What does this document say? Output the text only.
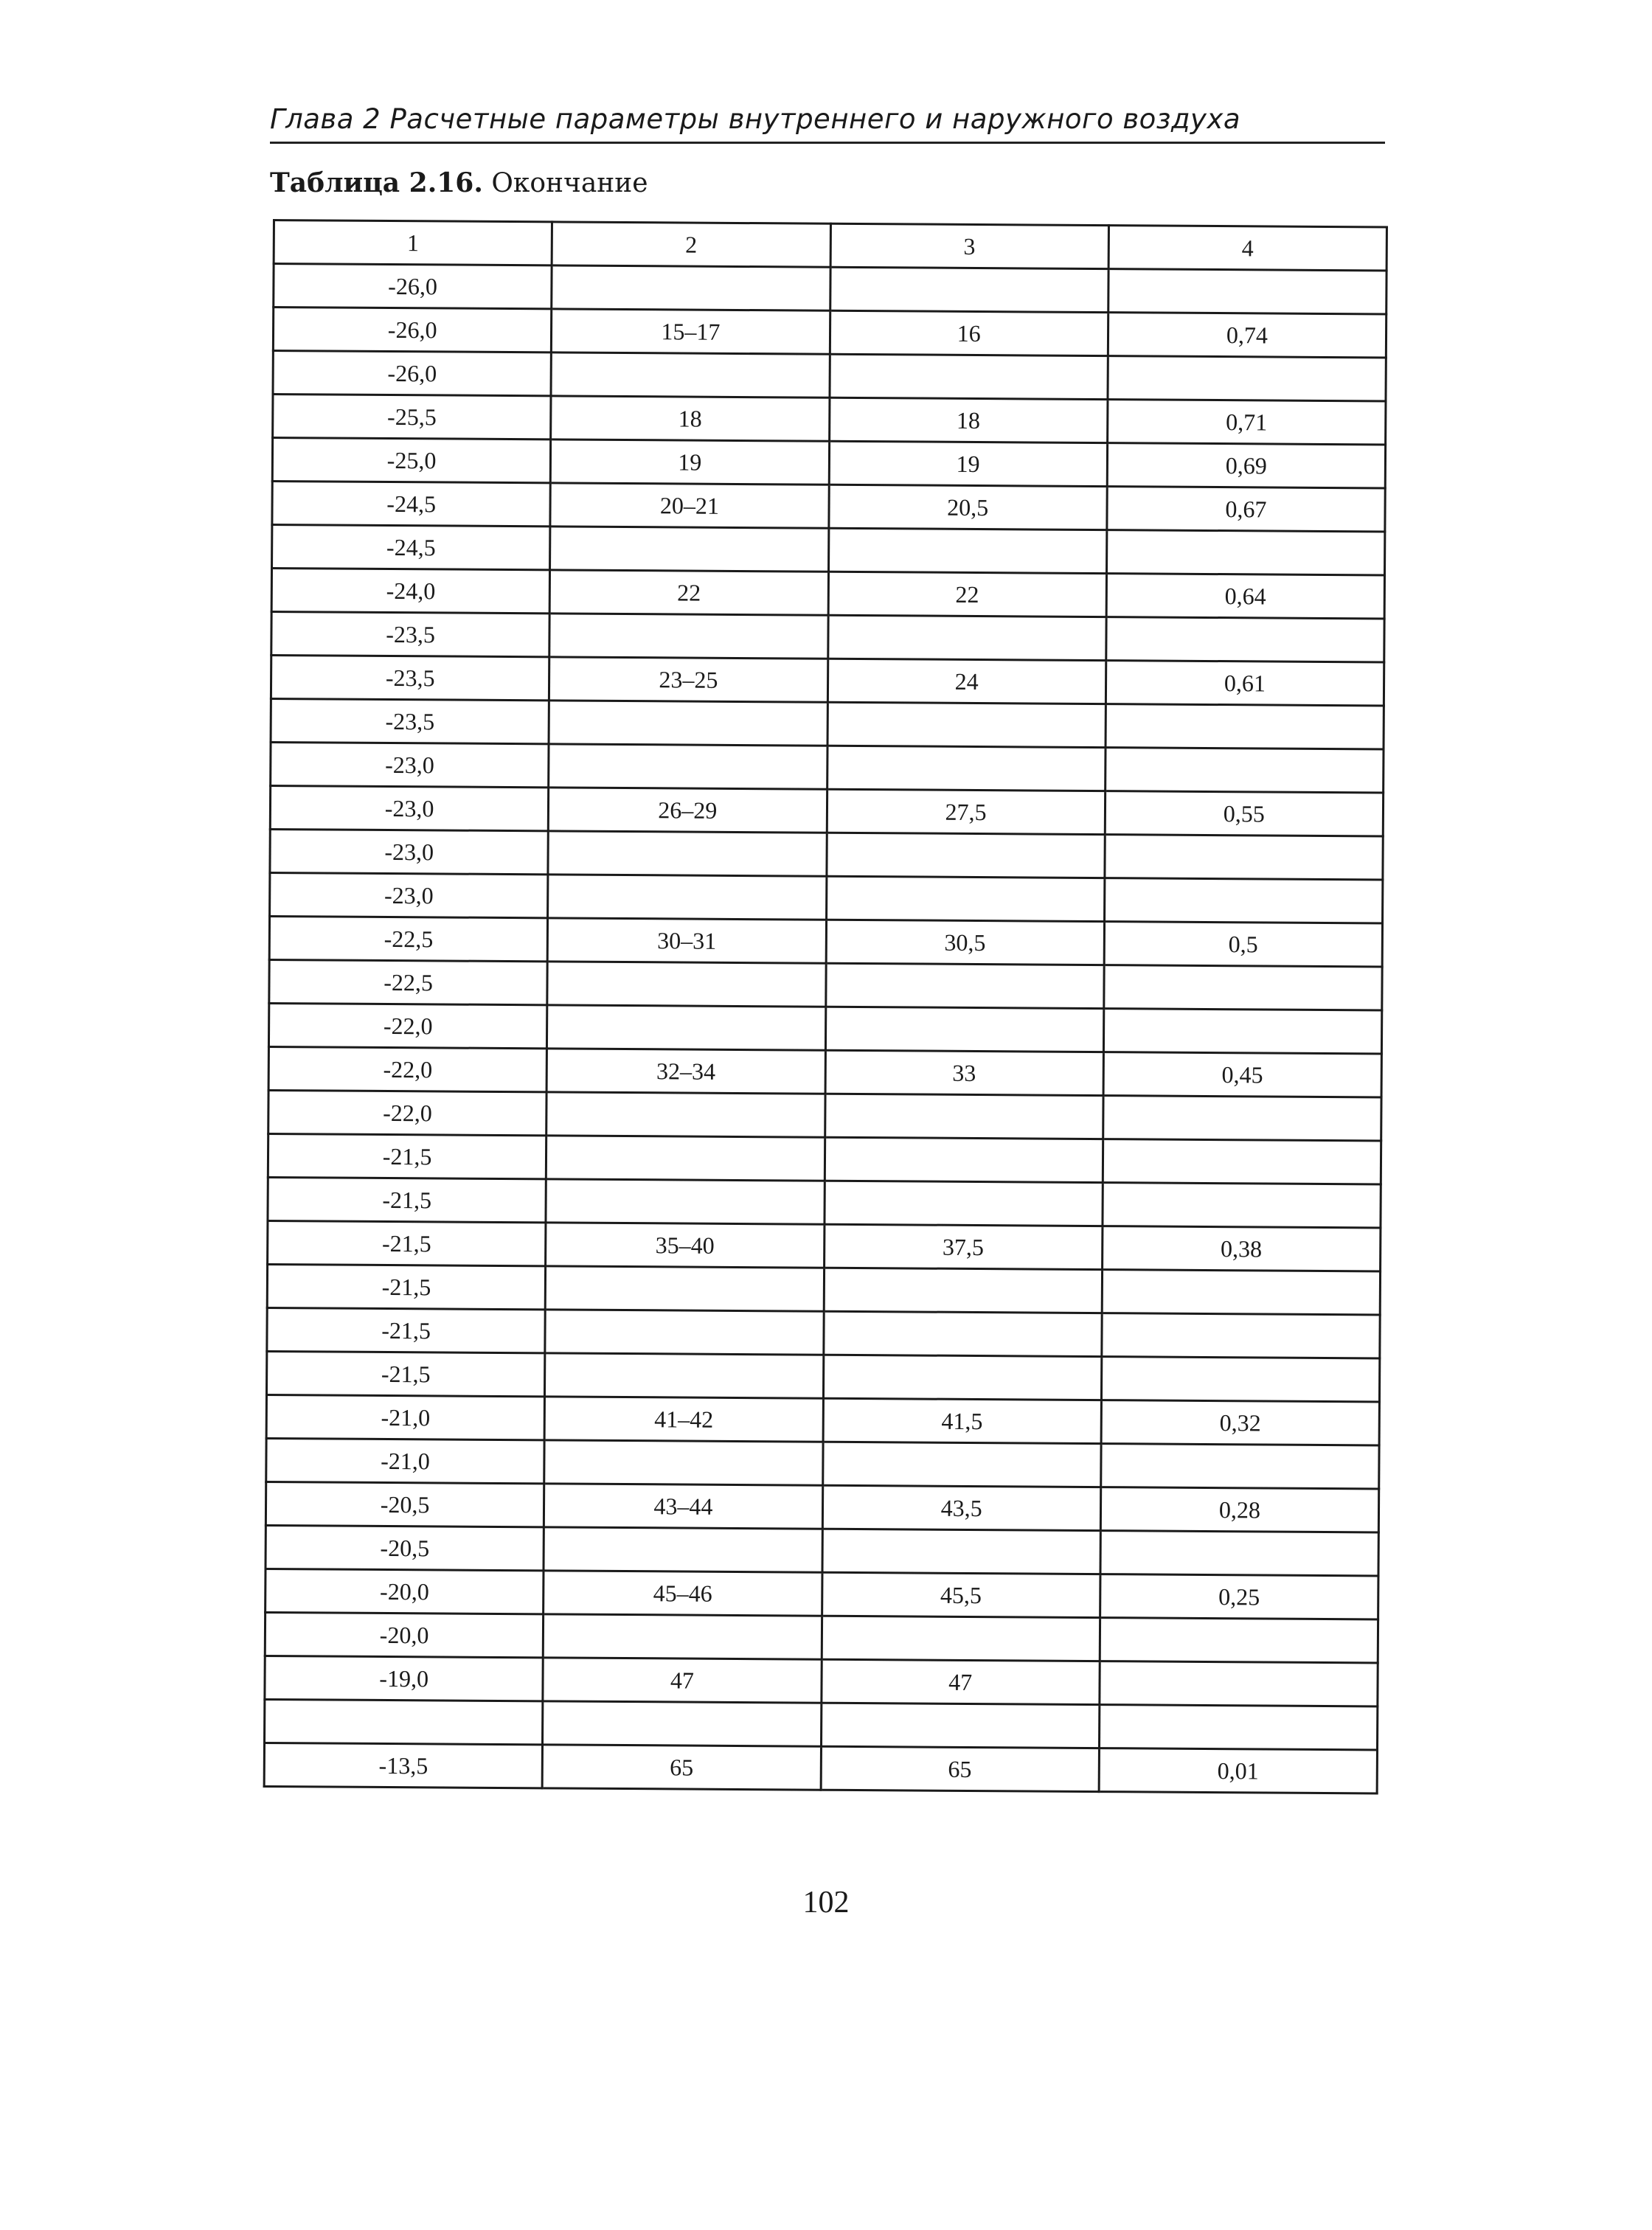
Глава 2 Расчетные параметры внутреннего и наружного воздуха
Таблица 2.16. Окончание
1	2	3	4
-26,0			
-26,0	15–17	16	0,74
-26,0			
-25,5	18	18	0,71
-25,0	19	19	0,69
-24,5	20–21	20,5	0,67
-24,5			
-24,0	22	22	0,64
-23,5			
-23,5	23–25	24	0,61
-23,5			
-23,0			
-23,0	26–29	27,5	0,55
-23,0			
-23,0			
-22,5	30–31	30,5	0,5
-22,5			
-22,0			
-22,0	32–34	33	0,45
-22,0			
-21,5			
-21,5			
-21,5	35–40	37,5	0,38
-21,5			
-21,5			
-21,5			
-21,0	41–42	41,5	0,32
-21,0			
-20,5	43–44	43,5	0,28
-20,5			
-20,0	45–46	45,5	0,25
-20,0			
-19,0	47	47	

-13,5	65	65	0,01
102
